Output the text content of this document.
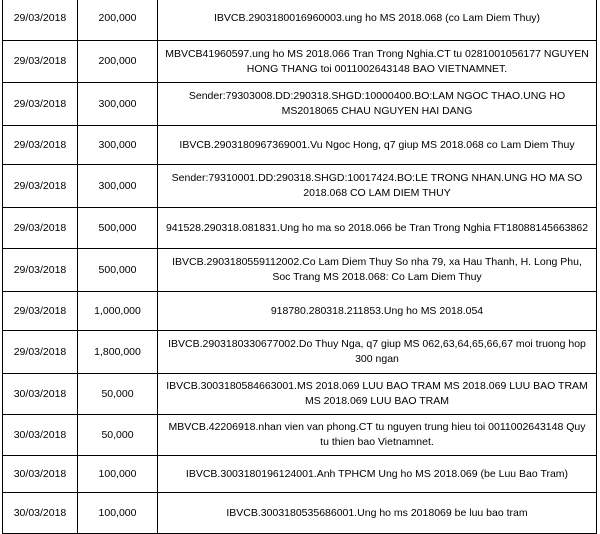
29/03/2018	200,000	IBVCB.2903180016960003.ung ho MS 2018.068 (co Lam Diem Thuy)
29/03/2018	200,000	MBVCB41960597.ung ho MS 2018.066 Tran Trong Nghia.CT tu 0281001056177 NGUYEN HONG THANG toi 0011002643148 BAO VIETNAMNET.
29/03/2018	300,000	Sender:79303008.DD:290318.SHGD:10000400.BO:LAM NGOC THAO.UNG HO MS2018065 CHAU NGUYEN HAI DANG
29/03/2018	300,000	IBVCB.2903180967369001.Vu Ngoc Hong, q7 giup MS 2018.068 co Lam Diem Thuy
29/03/2018	300,000	Sender:79310001.DD:290318.SHGD:10017424.BO:LE TRONG NHAN.UNG HO MA SO 2018.068 CO LAM DIEM THUY
29/03/2018	500,000	941528.290318.081831.Ung ho ma so 2018.066 be Tran Trong Nghia FT18088145663862
29/03/2018	500,000	IBVCB.2903180559112002.Co Lam Diem Thuy So nha 79, xa Hau Thanh, H. Long Phu, Soc Trang MS 2018.068: Co Lam Diem Thuy
29/03/2018	1,000,000	918780.280318.211853.Ung ho MS 2018.054
29/03/2018	1,800,000	IBVCB.2903180330677002.Do Thuy Nga, q7 giup MS 062,63,64,65,66,67 moi truong hop 300 ngan
30/03/2018	50,000	IBVCB.3003180584663001.MS 2018.069 LUU BAO TRAM MS 2018.069 LUU BAO TRAM MS 2018.069 LUU BAO TRAM
30/03/2018	50,000	MBVCB.42206918.nhan vien van phong.CT tu nguyen trung hieu toi 0011002643148 Quy tu thien bao Vietnamnet.
30/03/2018	100,000	IBVCB.3003180196124001.Anh TPHCM Ung ho MS 2018.069 (be Luu Bao Tram)
30/03/2018	100,000	IBVCB.3003180535686001.Ung ho ms 2018069 be luu bao tram
